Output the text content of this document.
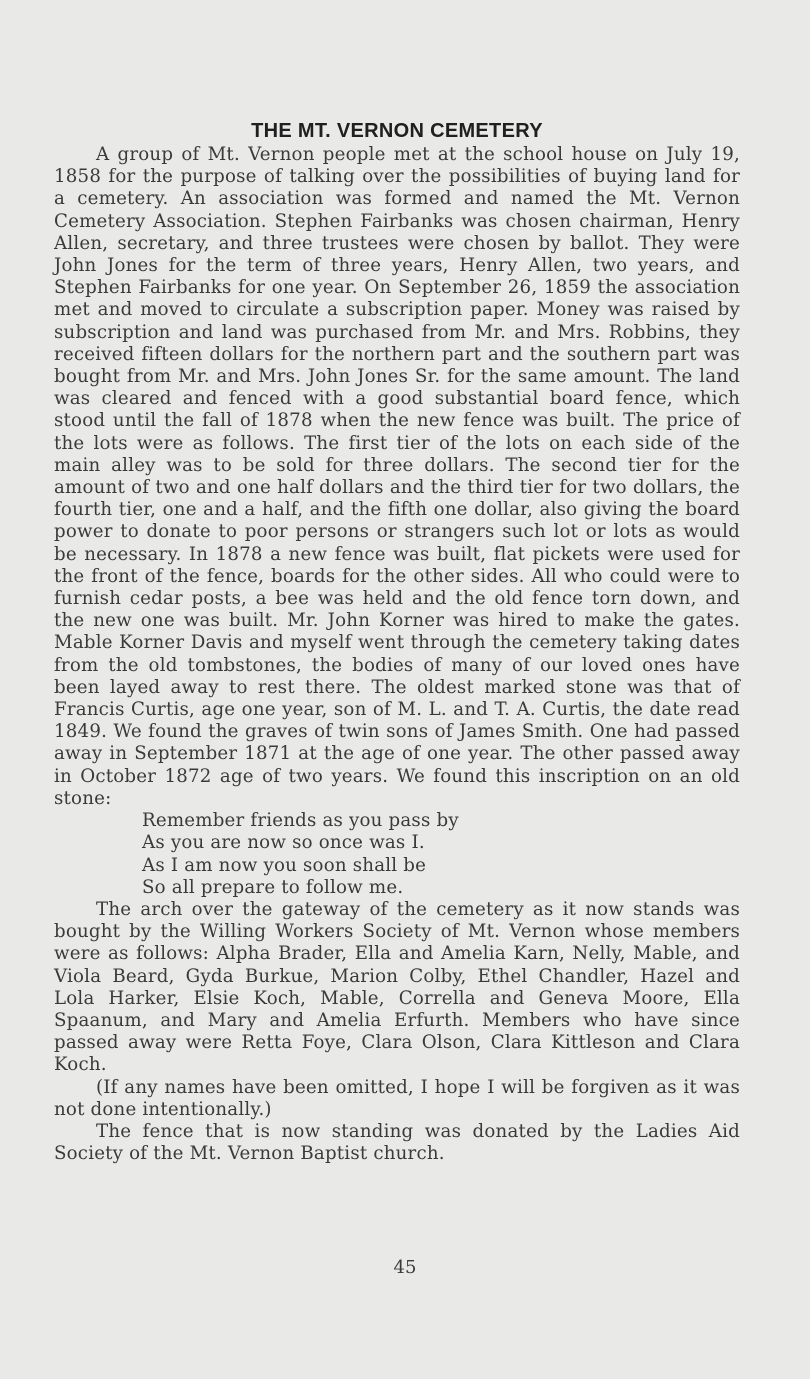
THE MT. VERNON CEMETERY

A group of Mt. Vernon people met at the school house on July 19, 1858 for the purpose of talking over the possibilities of buying land for a cemetery. An association was formed and named the Mt. Vernon Cemetery Association. Stephen Fairbanks was chosen chairman, Henry Allen, secretary, and three trustees were chosen by ballot. They were John Jones for the term of three years, Henry Allen, two years, and Stephen Fairbanks for one year. On September 26, 1859 the association met and moved to circulate a subscription paper. Money was raised by subscription and land was purchased from Mr. and Mrs. Robbins, they received fifteen dollars for the northern part and the southern part was bought from Mr. and Mrs. John Jones Sr. for the same amount. The land was cleared and fenced with a good substantial board fence, which stood until the fall of 1878 when the new fence was built. The price of the lots were as follows. The first tier of the lots on each side of the main alley was to be sold for three dollars. The second tier for the amount of two and one half dollars and the third tier for two dollars, the fourth tier, one and a half, and the fifth one dollar, also giving the board power to donate to poor persons or strangers such lot or lots as would be necessary. In 1878 a new fence was built, flat pickets were used for the front of the fence, boards for the other sides. All who could were to furnish cedar posts, a bee was held and the old fence torn down, and the new one was built. Mr. John Korner was hired to make the gates. Mable Korner Davis and myself went through the cemetery taking dates from the old tombstones, the bodies of many of our loved ones have been layed away to rest there. The oldest marked stone was that of Francis Curtis, age one year, son of M. L. and T. A. Curtis, the date read 1849. We found the graves of twin sons of James Smith. One had passed away in September 1871 at the age of one year. The other passed away in October 1872 age of two years. We found this inscription on an old stone:

Remember friends as you pass by
As you are now so once was I.
As I am now you soon shall be
So all prepare to follow me.

The arch over the gateway of the cemetery as it now stands was bought by the Willing Workers Society of Mt. Vernon whose members were as follows: Alpha Brader, Ella and Amelia Karn, Nelly, Mable, and Viola Beard, Gyda Burkue, Marion Colby, Ethel Chandler, Hazel and Lola Harker, Elsie Koch, Mable, Corrella and Geneva Moore, Ella Spaanum, and Mary and Amelia Erfurth. Members who have since passed away were Retta Foye, Clara Olson, Clara Kittleson and Clara Koch.

(If any names have been omitted, I hope I will be forgiven as it was not done intentionally.)

The fence that is now standing was donated by the Ladies Aid Society of the Mt. Vernon Baptist church.

45
